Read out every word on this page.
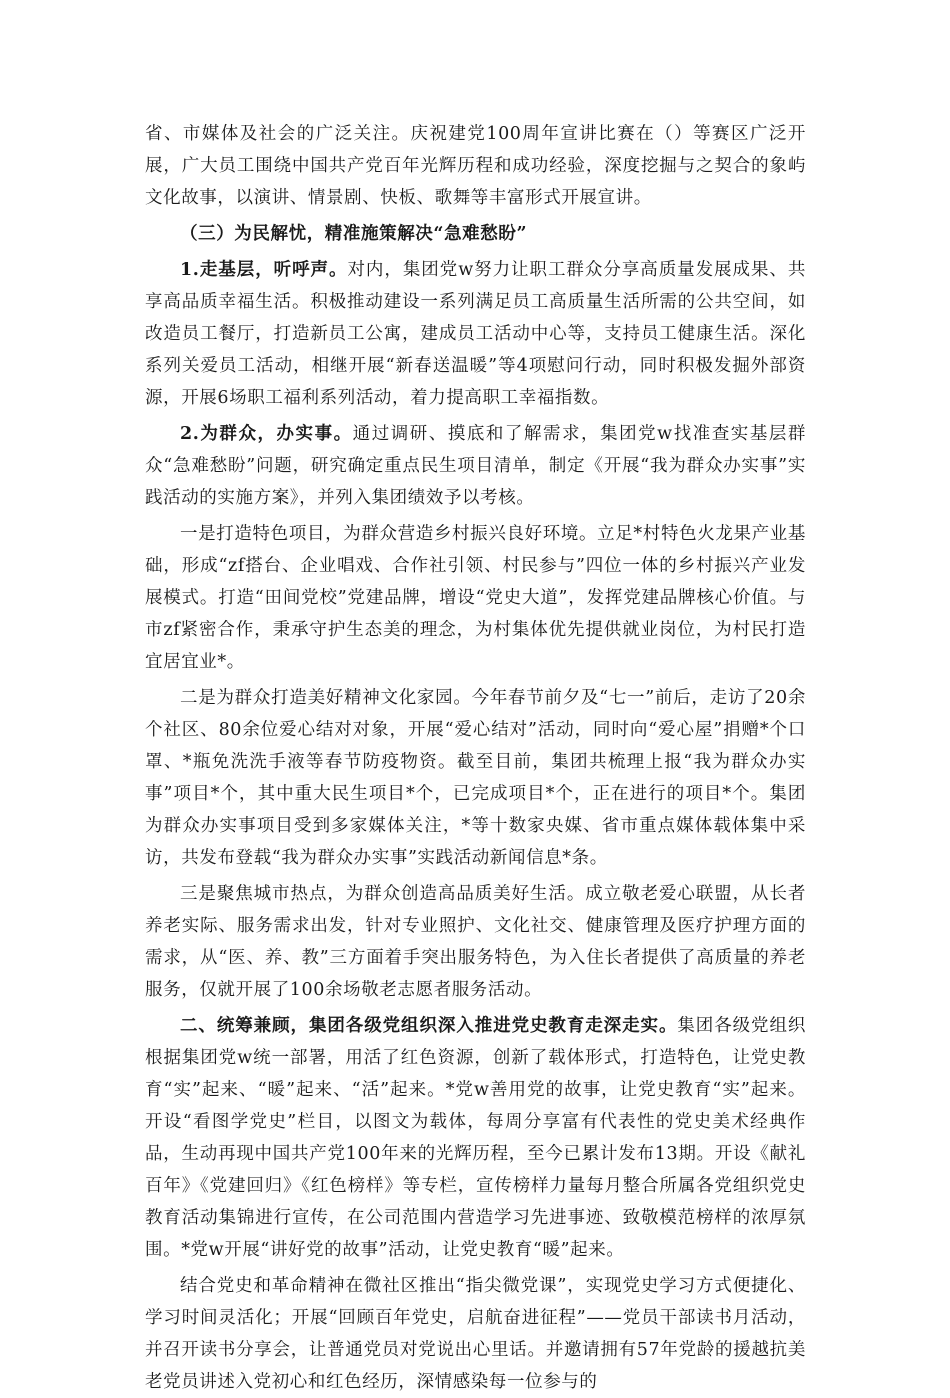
省、市媒体及社会的广泛关注。庆祝建党100周年宣讲比赛在（）等赛区广泛开展，广大员工围绕中国共产党百年光辉历程和成功经验，深度挖掘与之契合的象屿文化故事，以演讲、情景剧、快板、歌舞等丰富形式开展宣讲。

（三）为民解忧，精准施策解决“急难愁盼”

1.走基层，听呼声。对内，集团党w努力让职工群众分享高质量发展成果、共享高品质幸福生活。积极推动建设一系列满足员工高质量生活所需的公共空间，如改造员工餐厅，打造新员工公寓，建成员工活动中心等，支持员工健康生活。深化系列关爱员工活动，相继开展“新春送温暖”等4项慰问行动，同时积极发掘外部资源，开展6场职工福利系列活动，着力提高职工幸福指数。

2.为群众，办实事。通过调研、摸底和了解需求，集团党w找准查实基层群众“急难愁盼”问题，研究确定重点民生项目清单，制定《开展“我为群众办实事”实践活动的实施方案》，并列入集团绩效予以考核。

一是打造特色项目，为群众营造乡村振兴良好环境。立足*村特色火龙果产业基础，形成“zf搭台、企业唱戏、合作社引领、村民参与”四位一体的乡村振兴产业发展模式。打造“田间党校”党建品牌，增设“党史大道”，发挥党建品牌核心价值。与市zf紧密合作，秉承守护生态美的理念，为村集体优先提供就业岗位，为村民打造宜居宜业*。

二是为群众打造美好精神文化家园。今年春节前夕及“七一”前后，走访了20余个社区、80余位爱心结对对象，开展“爱心结对”活动，同时向“爱心屋”捐赠*个口罩、*瓶免洗洗手液等春节防疫物资。截至目前，集团共梳理上报“我为群众办实事”项目*个，其中重大民生项目*个，已完成项目*个，正在进行的项目*个。集团为群众办实事项目受到多家媒体关注，*等十数家央媒、省市重点媒体载体集中采访，共发布登载“我为群众办实事”实践活动新闻信息*条。

三是聚焦城市热点，为群众创造高品质美好生活。成立敬老爱心联盟，从长者养老实际、服务需求出发，针对专业照护、文化社交、健康管理及医疗护理方面的需求，从“医、养、教”三方面着手突出服务特色，为入住长者提供了高质量的养老服务，仅就开展了100余场敬老志愿者服务活动。

二、统筹兼顾，集团各级党组织深入推进党史教育走深走实。集团各级党组织根据集团党w统一部署，用活了红色资源，创新了载体形式，打造特色，让党史教育“实”起来、“暖”起来、“活”起来。*党w善用党的故事，让党史教育“实”起来。开设“看图学党史”栏目，以图文为载体，每周分享富有代表性的党史美术经典作品，生动再现中国共产党100年来的光辉历程，至今已累计发布13期。开设《献礼百年》《党建回归》《红色榜样》等专栏，宣传榜样力量每月整合所属各党组织党史教育活动集锦进行宣传，在公司范围内营造学习先进事迹、致敬模范榜样的浓厚氛围。*党w开展“讲好党的故事”活动，让党史教育“暖”起来。

结合党史和革命精神在微社区推出“指尖微党课”，实现党史学习方式便捷化、学习时间灵活化；开展“回顾百年党史，启航奋进征程”——党员干部读书月活动，并召开读书分享会，让普通党员对党说出心里话。并邀请拥有57年党龄的援越抗美老党员讲述入党初心和红色经历，深情感染每一位参与的
